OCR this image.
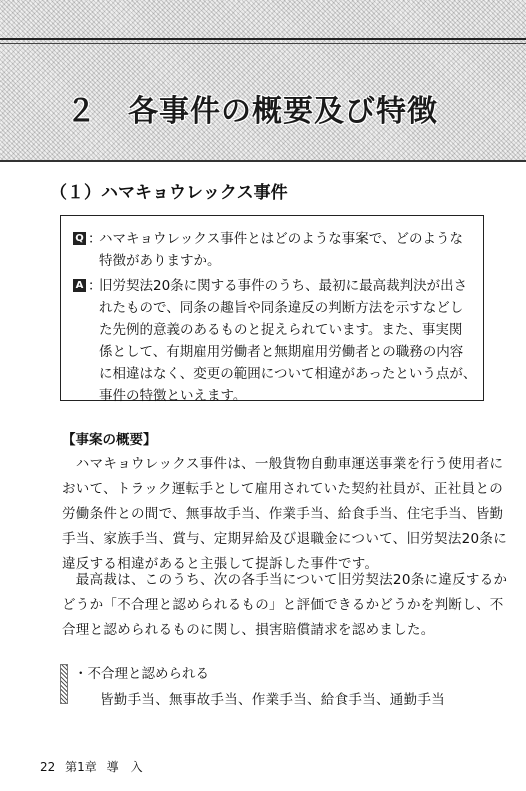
２　各事件の概要及び特徴
（１）ハマキョウレックス事件
Q ：
ハマキョウレックス事件とはどのような事案で、どのような
特徴がありますか。
A ：
旧労契法20条に関する事件のうち、最初に最高裁判決が出さ
れたもので、同条の趣旨や同条違反の判断方法を示すなどし
た先例的意義のあるものと捉えられています。また、事実関
係として、有期雇用労働者と無期雇用労働者との職務の内容
に相違はなく、変更の範囲について相違があったという点が、
事件の特徴といえます。
【事案の概要】

　ハマキョウレックス事件は、一般貨物自動車運送事業を行う使用者に
おいて、トラック運転手として雇用されていた契約社員が、正社員との
労働条件との間で、無事故手当、作業手当、給食手当、住宅手当、皆勤
手当、家族手当、賞与、定期昇給及び退職金について、旧労契法20条に
違反する相違があると主張して提訴した事件です。

　最高裁は、このうち、次の各手当について旧労契法20条に違反するか
どうか「不合理と認められるもの」と評価できるかどうかを判断し、不
合理と認められるものに関し、損害賠償請求を認めました。

・不合理と認められる

皆勤手当、無事故手当、作業手当、給食手当、通勤手当

22 第1章 導　入
